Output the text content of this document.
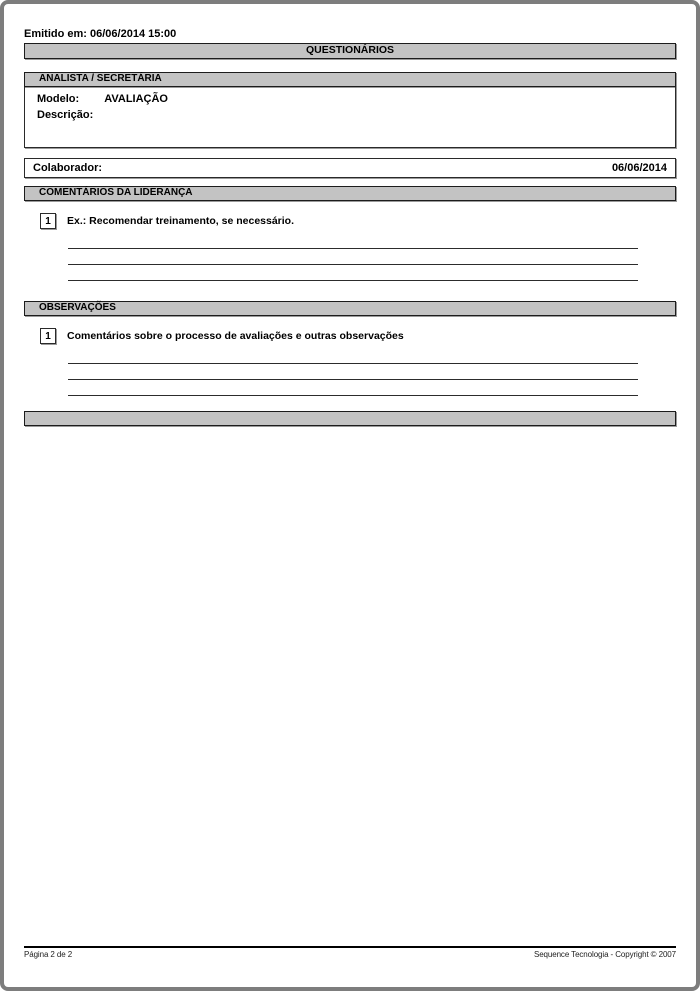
Emitido em: 06/06/2014 15:00
QUESTIONÁRIOS
ANALISTA / SECRETÁRIA
Modelo: AVALIAÇÃO
Descrição:
Colaborador:	06/06/2014
COMENTÁRIOS DA LIDERANÇA
1	Ex.: Recomendar treinamento, se necessário.
OBSERVAÇÕES
1	Comentários sobre o processo de avaliações e outras observações
Página 2 de 2	Sequence Tecnologia - Copyright © 2007
